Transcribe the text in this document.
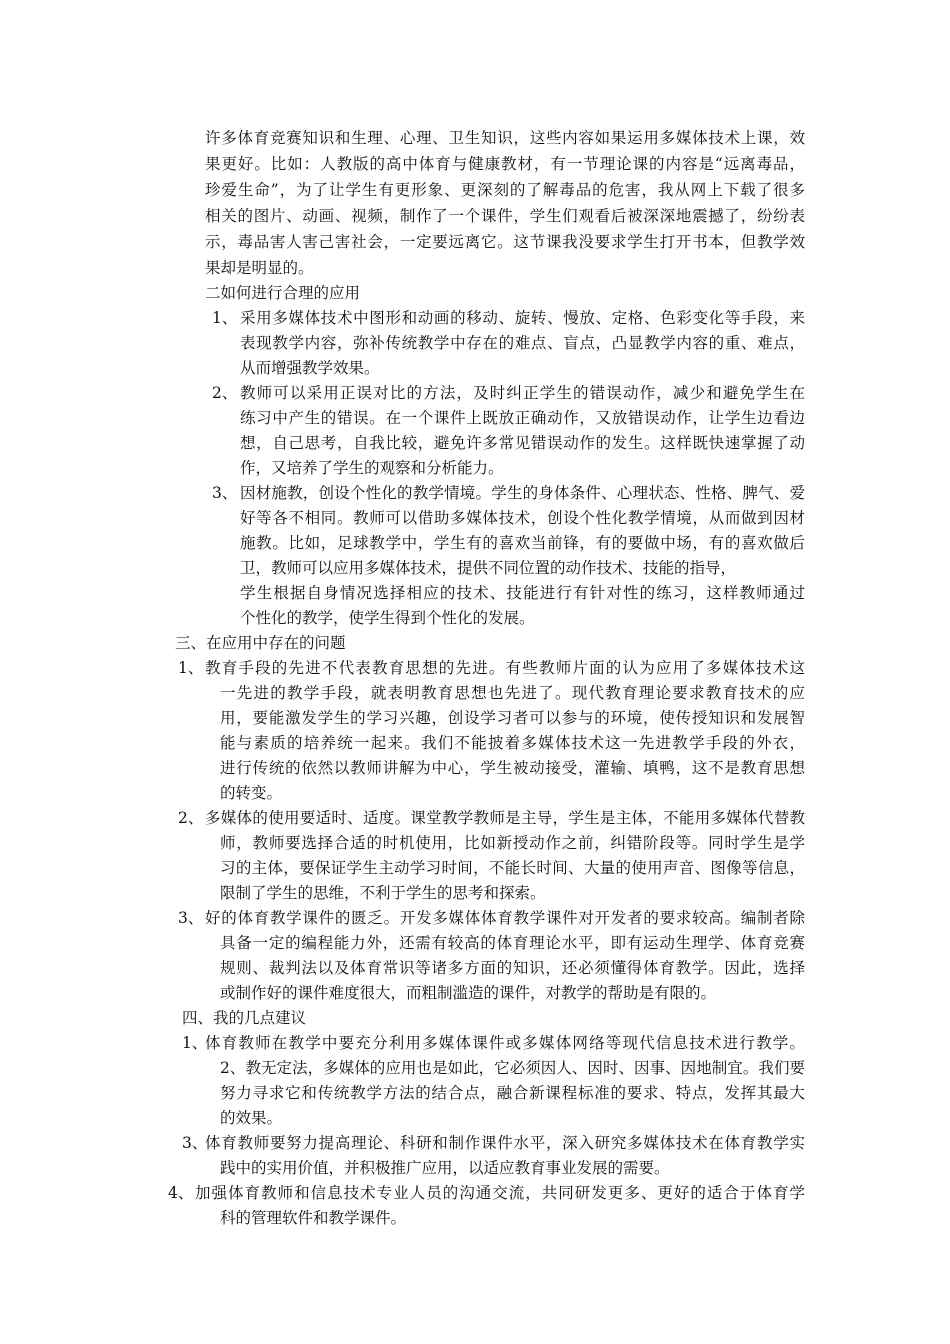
许多体育竞赛知识和生理、心理、卫生知识，这些内容如果运用多媒体技术上课，效
果更好。比如：人教版的高中体育与健康教材，有一节理论课的内容是“远离毒品，
珍爱生命”，为了让学生有更形象、更深刻的了解毒品的危害，我从网上下载了很多
相关的图片、动画、视频，制作了一个课件，学生们观看后被深深地震撼了，纷纷表
示，毒品害人害己害社会，一定要远离它。这节课我没要求学生打开书本，但教学效
果却是明显的。
二如何进行合理的应用
1、 采用多媒体技术中图形和动画的移动、旋转、慢放、定格、色彩变化等手段，来
表现教学内容，弥补传统教学中存在的难点、盲点，凸显教学内容的重、难点，
从而增强教学效果。
2、 教师可以采用正误对比的方法，及时纠正学生的错误动作，减少和避免学生在
练习中产生的错误。在一个课件上既放正确动作，又放错误动作，让学生边看边
想，自己思考，自我比较，避免许多常见错误动作的发生。这样既快速掌握了动
作，又培养了学生的观察和分析能力。
3、 因材施教，创设个性化的教学情境。学生的身体条件、心理状态、性格、脾气、爱
好等各不相同。教师可以借助多媒体技术，创设个性化教学情境，从而做到因材
施教。比如，足球教学中，学生有的喜欢当前锋，有的要做中场，有的喜欢做后
卫，教师可以应用多媒体技术，提供不同位置的动作技术、技能的指导，
学生根据自身情况选择相应的技术、技能进行有针对性的练习，这样教师通过
个性化的教学，使学生得到个性化的发展。
三、在应用中存在的问题
1、 教育手段的先进不代表教育思想的先进。有些教师片面的认为应用了多媒体技术这
一先进的教学手段，就表明教育思想也先进了。现代教育理论要求教育技术的应
用，要能激发学生的学习兴趣，创设学习者可以参与的环境，使传授知识和发展智
能与素质的培养统一起来。我们不能披着多媒体技术这一先进教学手段的外衣，
进行传统的依然以教师讲解为中心，学生被动接受，灌输、填鸭，这不是教育思想
的转变。
2、 多媒体的使用要适时、适度。课堂教学教师是主导，学生是主体，不能用多媒体代替教
师，教师要选择合适的时机使用，比如新授动作之前，纠错阶段等。同时学生是学
习的主体，要保证学生主动学习时间，不能长时间、大量的使用声音、图像等信息，
限制了学生的思维，不利于学生的思考和探索。
3、 好的体育教学课件的匮乏。开发多媒体体育教学课件对开发者的要求较高。编制者除
具备一定的编程能力外，还需有较高的体育理论水平，即有运动生理学、体育竞赛
规则、裁判法以及体育常识等诸多方面的知识，还必须懂得体育教学。因此，选择
或制作好的课件难度很大，而粗制滥造的课件，对教学的帮助是有限的。
四、我的几点建议
1、
体育教师在教学中要充分利用多媒体课件或多媒体网络等现代信息技术进行教学。
2、教无定法，多媒体的应用也是如此，它必须因人、因时、因事、因地制宜。我们要
努力寻求它和传统教学方法的结合点，融合新课程标准的要求、特点，发挥其最大
的效果。
3、
体育教师要努力提高理论、科研和制作课件水平，深入研究多媒体技术在体育教学实
践中的实用价值，并积极推广应用，以适应教育事业发展的需要。
4、 加强体育教师和信息技术专业人员的沟通交流，共同研发更多、更好的适合于体育学
科的管理软件和教学课件。
